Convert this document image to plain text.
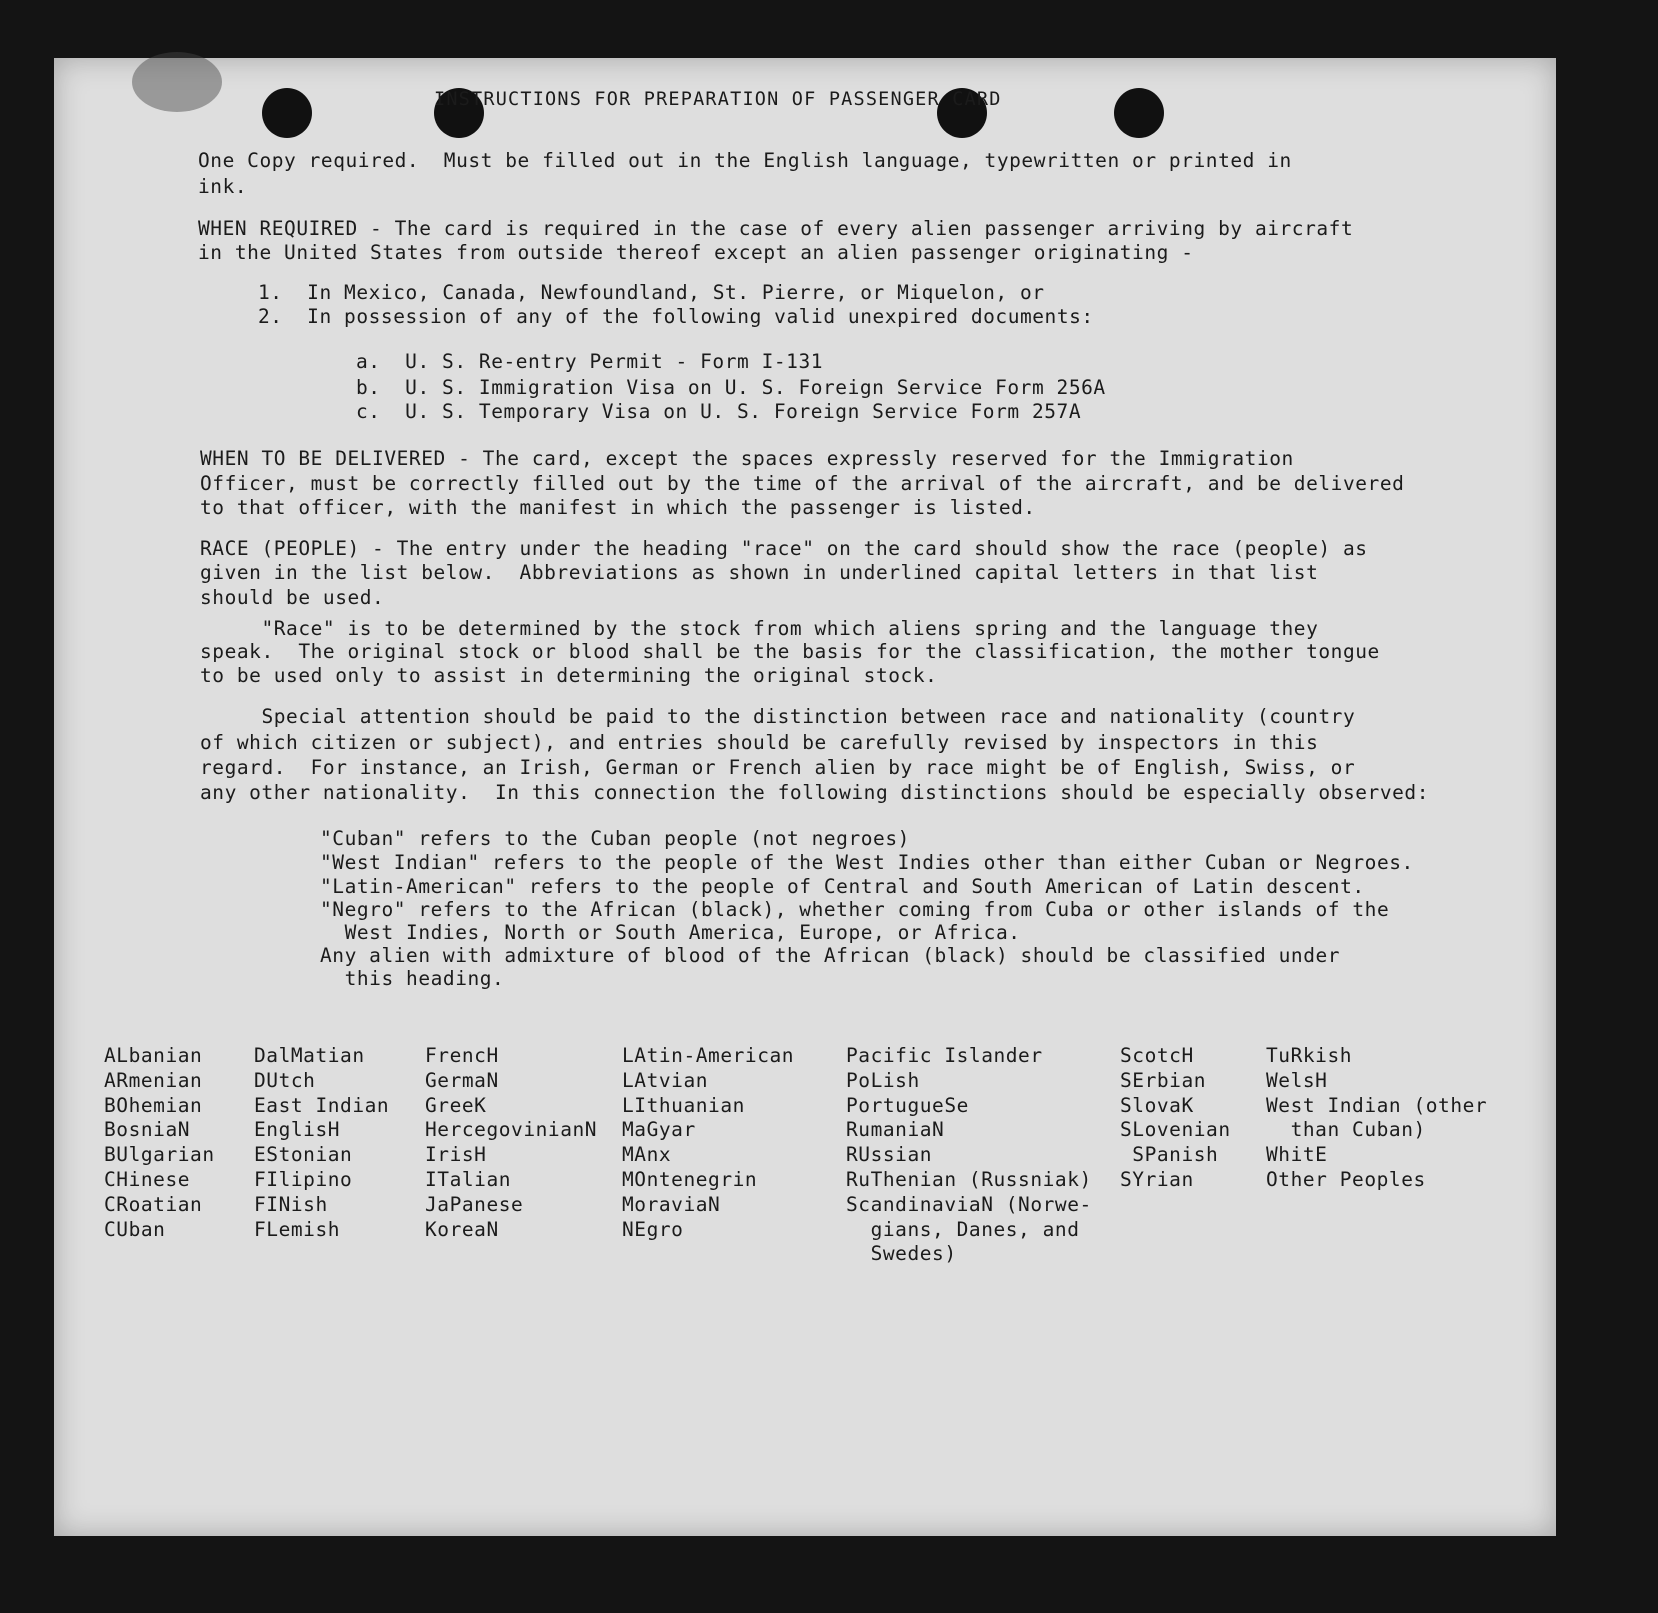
INSTRUCTIONS FOR PREPARATION OF PASSENGER CARD
One Copy required.  Must be filled out in the English language, typewritten or printed in
ink.
WHEN REQUIRED - The card is required in the case of every alien passenger arriving by aircraft
in the United States from outside thereof except an alien passenger originating -
1.  In Mexico, Canada, Newfoundland, St. Pierre, or Miquelon, or
2.  In possession of any of the following valid unexpired documents:
a.  U. S. Re-entry Permit - Form I-131
b.  U. S. Immigration Visa on U. S. Foreign Service Form 256A
c.  U. S. Temporary Visa on U. S. Foreign Service Form 257A
WHEN TO BE DELIVERED - The card, except the spaces expressly reserved for the Immigration
Officer, must be correctly filled out by the time of the arrival of the aircraft, and be delivered
to that officer, with the manifest in which the passenger is listed.
RACE (PEOPLE) - The entry under the heading "race" on the card should show the race (people) as
given in the list below.  Abbreviations as shown in underlined capital letters in that list
should be used.
"Race" is to be determined by the stock from which aliens spring and the language they
speak.  The original stock or blood shall be the basis for the classification, the mother tongue
to be used only to assist in determining the original stock.
Special attention should be paid to the distinction between race and nationality (country
of which citizen or subject), and entries should be carefully revised by inspectors in this
regard.  For instance, an Irish, German or French alien by race might be of English, Swiss, or
any other nationality.  In this connection the following distinctions should be especially observed:
"Cuban" refers to the Cuban people (not negroes)
"West Indian" refers to the people of the West Indies other than either Cuban or Negroes.
"Latin-American" refers to the people of Central and South American of Latin descent.
"Negro" refers to the African (black), whether coming from Cuba or other islands of the
West Indies, North or South America, Europe, or Africa.
Any alien with admixture of blood of the African (black) should be classified under
this heading.
ALbanian
ARmenian
BOhemian
BosniaN
BUlgarian
CHinese
CRoatian
CUban
DalMatian
DUtch
East Indian
EnglisH
EStonian
FIlipino
FINish
FLemish
FrencH
GermaN
GreeK
HercegovinianN
IrisH
ITalian
JaPanese
KoreaN
LAtin-American
LAtvian
LIthuanian
MaGyar
MAnx
MOntenegrin
MoraviaN
NEgro
Pacific Islander
PoLish
PortugueSe
RumaniaN
RUssian
RuThenian (Russniak)
ScandinaviaN (Norwe-
gians, Danes, and
Swedes)
ScotcH
SErbian
SlovaK
SLovenian
SPanish
SYrian
TuRkish
WelsH
West Indian (other
than Cuban)
WhitE
Other Peoples
